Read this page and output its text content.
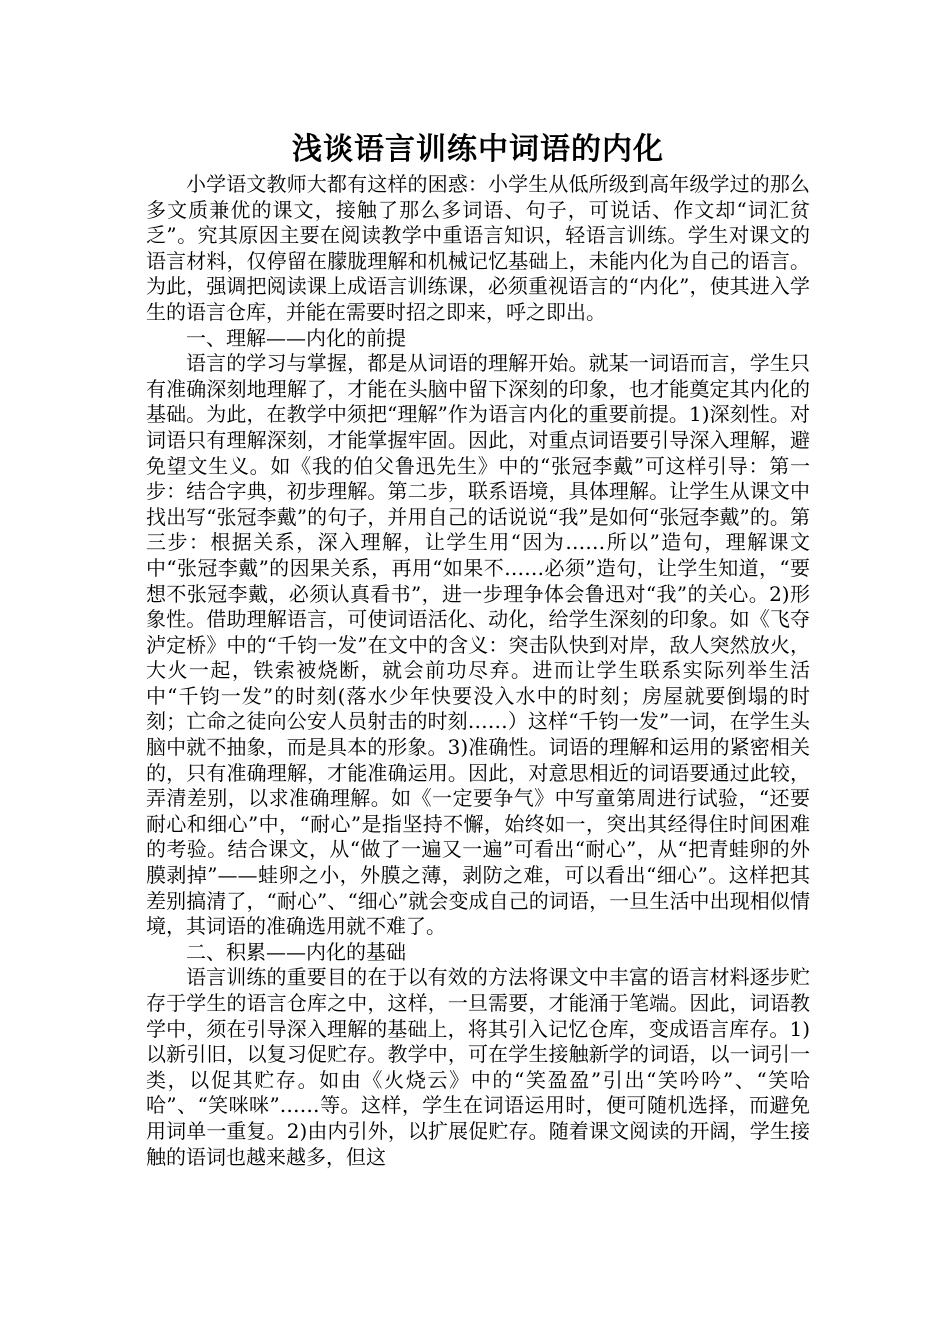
浅谈语言训练中词语的内化

小学语文教师大都有这样的困惑：小学生从低所级到高年级学过的那么多文质兼优的课文，接触了那么多词语、句子，可说话、作文却“词汇贫乏”。究其原因主要在阅读教学中重语言知识，轻语言训练。学生对课文的语言材料，仅停留在朦胧理解和机械记忆基础上，未能内化为自己的语言。为此，强调把阅读课上成语言训练课，必须重视语言的“内化”，使其进入学生的语言仓库，并能在需要时招之即来，呼之即出。

一、理解——内化的前提

语言的学习与掌握，都是从词语的理解开始。就某一词语而言，学生只有准确深刻地理解了，才能在头脑中留下深刻的印象，也才能奠定其内化的基础。为此，在教学中须把“理解”作为语言内化的重要前提。1)深刻性。对词语只有理解深刻，才能掌握牢固。因此，对重点词语要引导深入理解，避免望文生义。如《我的伯父鲁迅先生》中的“张冠李戴”可这样引导：第一步：结合字典，初步理解。第二步，联系语境，具体理解。让学生从课文中找出写“张冠李戴”的句子，并用自己的话说说“我”是如何“张冠李戴”的。第三步：根据关系，深入理解，让学生用“因为……所以”造句，理解课文中“张冠李戴”的因果关系，再用“如果不……必须”造句，让学生知道，“要想不张冠李戴，必须认真看书”，进一步理争体会鲁迅对“我”的关心。2)形象性。借助理解语言，可使词语活化、动化，给学生深刻的印象。如《飞夺泸定桥》中的“千钧一发”在文中的含义：突击队快到对岸，敌人突然放火，大火一起，铁索被烧断，就会前功尽弃。进而让学生联系实际列举生活中“千钧一发”的时刻(落水少年快要没入水中的时刻；房屋就要倒塌的时刻；亡命之徒向公安人员射击的时刻……）这样“千钧一发”一词，在学生头脑中就不抽象，而是具本的形象。3)准确性。词语的理解和运用的紧密相关的，只有准确理解，才能准确运用。因此，对意思相近的词语要通过此较，弄清差别，以求准确理解。如《一定要争气》中写童第周进行试验，“还要耐心和细心”中，“耐心”是指坚持不懈，始终如一，突出其经得住时间困难的考验。结合课文，从“做了一遍又一遍”可看出“耐心”，从“把青蛙卵的外膜剥掉”——蛙卵之小，外膜之薄，剥防之难，可以看出“细心”。这样把其差别搞清了，“耐心”、“细心”就会变成自己的词语，一旦生活中出现相似情境，其词语的准确选用就不难了。

二、积累——内化的基础

语言训练的重要目的在于以有效的方法将课文中丰富的语言材料逐步贮存于学生的语言仓库之中，这样，一旦需要，才能涌于笔端。因此，词语教学中，须在引导深入理解的基础上，将其引入记忆仓库，变成语言库存。1)以新引旧，以复习促贮存。教学中，可在学生接触新学的词语，以一词引一类，以促其贮存。如由《火烧云》中的“笑盈盈”引出“笑吟吟”、“笑哈哈”、“笑咪咪”……等。这样，学生在词语运用时，便可随机选择，而避免用词单一重复。2)由内引外，以扩展促贮存。随着课文阅读的开阔，学生接触的语词也越来越多，但这
